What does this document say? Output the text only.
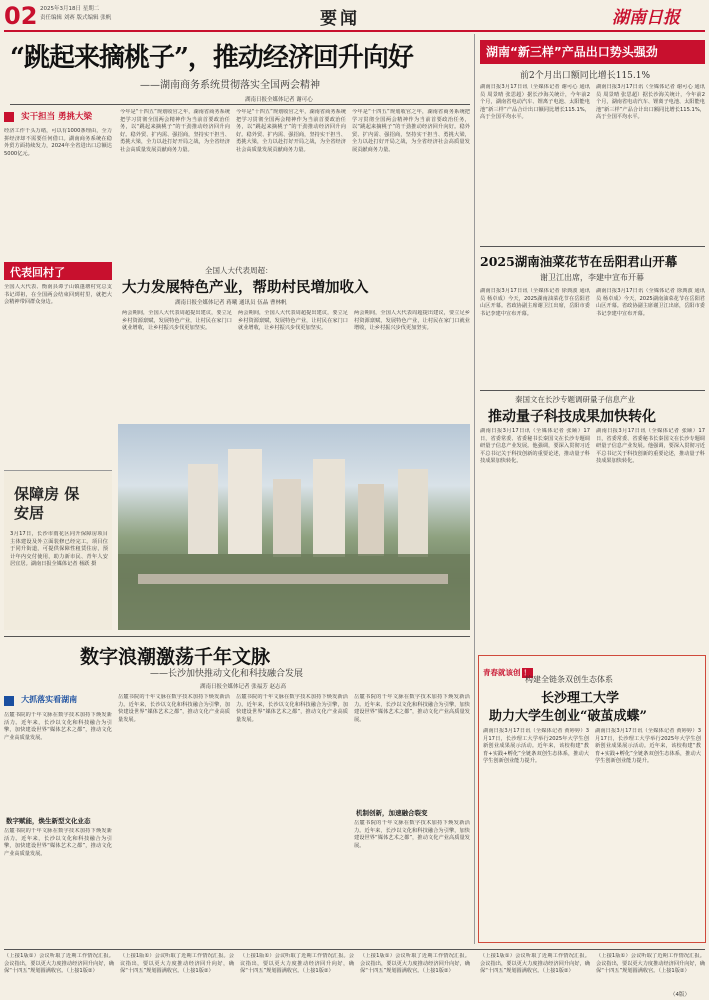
02 2025年3月18日 星期二
责任编辑 刘赛 版式编辑 张帆	要闻	湖南日报
“跳起来摘桃子”，推动经济回升向好
——湖南商务系统贯彻落实全国两会精神
湖南日报全媒体记者 谢可心
今年是“十四五”规划收官之年，湖南省商务系统把学习贯彻全国两会精神作为当前首要政治任务，以“跳起来摘桃子”的干劲推动经济回升向好。稳外贸、扩内需、强招商，坚持实干担当、勇挑大梁，全力以赴打好开局之战，为全省经济社会高质量发展贡献商务力量。
今年是“十四五”规划收官之年，湖南省商务系统把学习贯彻全国两会精神作为当前首要政治任务，以“跳起来摘桃子”的干劲推动经济回升向好。稳外贸、扩内需、强招商，坚持实干担当、勇挑大梁，全力以赴打好开局之战，为全省经济社会高质量发展贡献商务力量。
今年是“十四五”规划收官之年，湖南省商务系统把学习贯彻全国两会精神作为当前首要政治任务，以“跳起来摘桃子”的干劲推动经济回升向好。稳外贸、扩内需、强招商，坚持实干担当、勇挑大梁，全力以赴打好开局之战，为全省经济社会高质量发展贡献商务力量。
$^{实干担当 勇挑大梁}$
经济工作千头万绪，可以有1000条理由，全力拼经济却不需要任何借口。湖南商务系统在稳外贸方面持续发力，2024年全省进出口总额达5000亿元。
代表回村了
全国人大代表、衡南县谭子山镇蓬塘村党总支书记谭祖，在全国两会结束回到村里，就把大会精神带回群众身边。
全国人大代表周超：
大力发展特色产业，帮助村民増加收入
湖南日报全媒体记者 蒋曦 通讯员 伍晶 曹林帆
两会期间，全国人大代表周超提出建议，要立足乡村资源禀赋，发展特色产业，让村民在家门口就业增收，让乡村振兴步伐更加坚实。
两会期间，全国人大代表周超提出建议，要立足乡村资源禀赋，发展特色产业，让村民在家门口就业增收，让乡村振兴步伐更加坚实。
两会期间，全国人大代表周超提出建议，要立足乡村资源禀赋，发展特色产业，让村民在家门口就业增收，让乡村振兴步伐更加坚实。
保障房 保安居
3月17日，长沙市雨花区同升保障房项目主体建设及外立面装修已经完工。项目位于同升街道，可提供保障性租赁住房，预计年内交付使用，助力新市民、青年人安居宜居。湖南日报全媒体记者 杨跃 摄
数字浪潮激荡千年文脉
——长沙加快推动文化和科技融合发展
湖南日报全媒体记者 张福芳 赵志高
$^{大抓落实看湖南}$
岳麓书院的千年文脉在数字技术加持下焕发新活力。近年来，长沙以文化和科技融合为引擎，加快建设世界“媒体艺术之都”，推动文化产业高质量发展。
数字赋能，焕生新型文化业态
岳麓书院的千年文脉在数字技术加持下焕发新活力。近年来，长沙以文化和科技融合为引擎，加快建设世界“媒体艺术之都”，推动文化产业高质量发展。
岳麓书院的千年文脉在数字技术加持下焕发新活力。近年来，长沙以文化和科技融合为引擎，加快建设世界“媒体艺术之都”，推动文化产业高质量发展。
岳麓书院的千年文脉在数字技术加持下焕发新活力。近年来，长沙以文化和科技融合为引擎，加快建设世界“媒体艺术之都”，推动文化产业高质量发展。
岳麓书院的千年文脉在数字技术加持下焕发新活力。近年来，长沙以文化和科技融合为引擎，加快建设世界“媒体艺术之都”，推动文化产业高质量发展。
机制创新，加速融合裂变
岳麓书院的千年文脉在数字技术加持下焕发新活力。近年来，长沙以文化和科技融合为引擎，加快建设世界“媒体艺术之都”，推动文化产业高质量发展。
湖南“新三样”产品出口势头强劲
前2个月出口额同比增长115.1%
湖南日报3月17日讯（全媒体记者 谢可心 通讯员 周景晴 张思超）据长沙海关统计，今年前2个月，湖南省电动汽车、锂离子电池、太阳能电池“新三样”产品合计出口额同比增长115.1%，高于全国平均水平。
湖南日报3月17日讯（全媒体记者 谢可心 通讯员 周景晴 张思超）据长沙海关统计，今年前2个月，湖南省电动汽车、锂离子电池、太阳能电池“新三样”产品合计出口额同比增长115.1%，高于全国平均水平。
2025湖南油菜花节在岳阳君山开幕
谢卫江出席，李建中宣布开幕
湖南日报3月17日讯（全媒体记者 徐典波 通讯员 杨卓成）今天，2025湖南油菜花节在岳阳君山区开幕。省政协副主席谢卫江出席，岳阳市委书记李建中宣布开幕。
湖南日报3月17日讯（全媒体记者 徐典波 通讯员 杨卓成）今天，2025湖南油菜花节在岳阳君山区开幕。省政协副主席谢卫江出席，岳阳市委书记李建中宣布开幕。
秦国文在长沙专题调研量子信息产业
推动量子科技成果加快转化
湖南日报3月17日讯（全媒体记者 张颐）17日，省委常委、省委秘书长秦国文在长沙专题调研量子信息产业发展。他强调，要深入贯彻习近平总书记关于科技创新的重要论述，推动量子科技成果加快转化。
湖南日报3月17日讯（全媒体记者 张颐）17日，省委常委、省委秘书长秦国文在长沙专题调研量子信息产业发展。他强调，要深入贯彻习近平总书记关于科技创新的重要论述，推动量子科技成果加快转化。
青春就该创 ！
构建全链条双创生态体系
长沙理工大学
助力大学生创业“破茧成蝶”
湖南日报3月17日讯（全媒体记者 黄婷婷）3月17日，长沙理工大学举行2025年大学生创新创业成果展示活动。近年来，该校构建“教育+实践+孵化”全链条双创生态体系，推动大学生创新创业能力提升。
湖南日报3月17日讯（全媒体记者 黄婷婷）3月17日，长沙理工大学举行2025年大学生创新创业成果展示活动。近年来，该校构建“教育+实践+孵化”全链条双创生态体系，推动大学生创新创业能力提升。
（上接1版①）会议听取了近期工作情况汇报。会议指出，要以更大力度推动经济回升向好，确保“十四五”规划圆满收官。（上接1版②）
（上接1版①）会议听取了近期工作情况汇报。会议指出，要以更大力度推动经济回升向好，确保“十四五”规划圆满收官。（上接1版②）
（上接1版①）会议听取了近期工作情况汇报。会议指出，要以更大力度推动经济回升向好，确保“十四五”规划圆满收官。（上接1版②）
（上接1版①）会议听取了近期工作情况汇报。会议指出，要以更大力度推动经济回升向好，确保“十四五”规划圆满收官。（上接1版②）
（上接1版①）会议听取了近期工作情况汇报。会议指出，要以更大力度推动经济回升向好，确保“十四五”规划圆满收官。（上接1版②）
（上接1版①）会议听取了近期工作情况汇报。会议指出，要以更大力度推动经济回升向好，确保“十四五”规划圆满收官。（上接1版②）
（4版）
